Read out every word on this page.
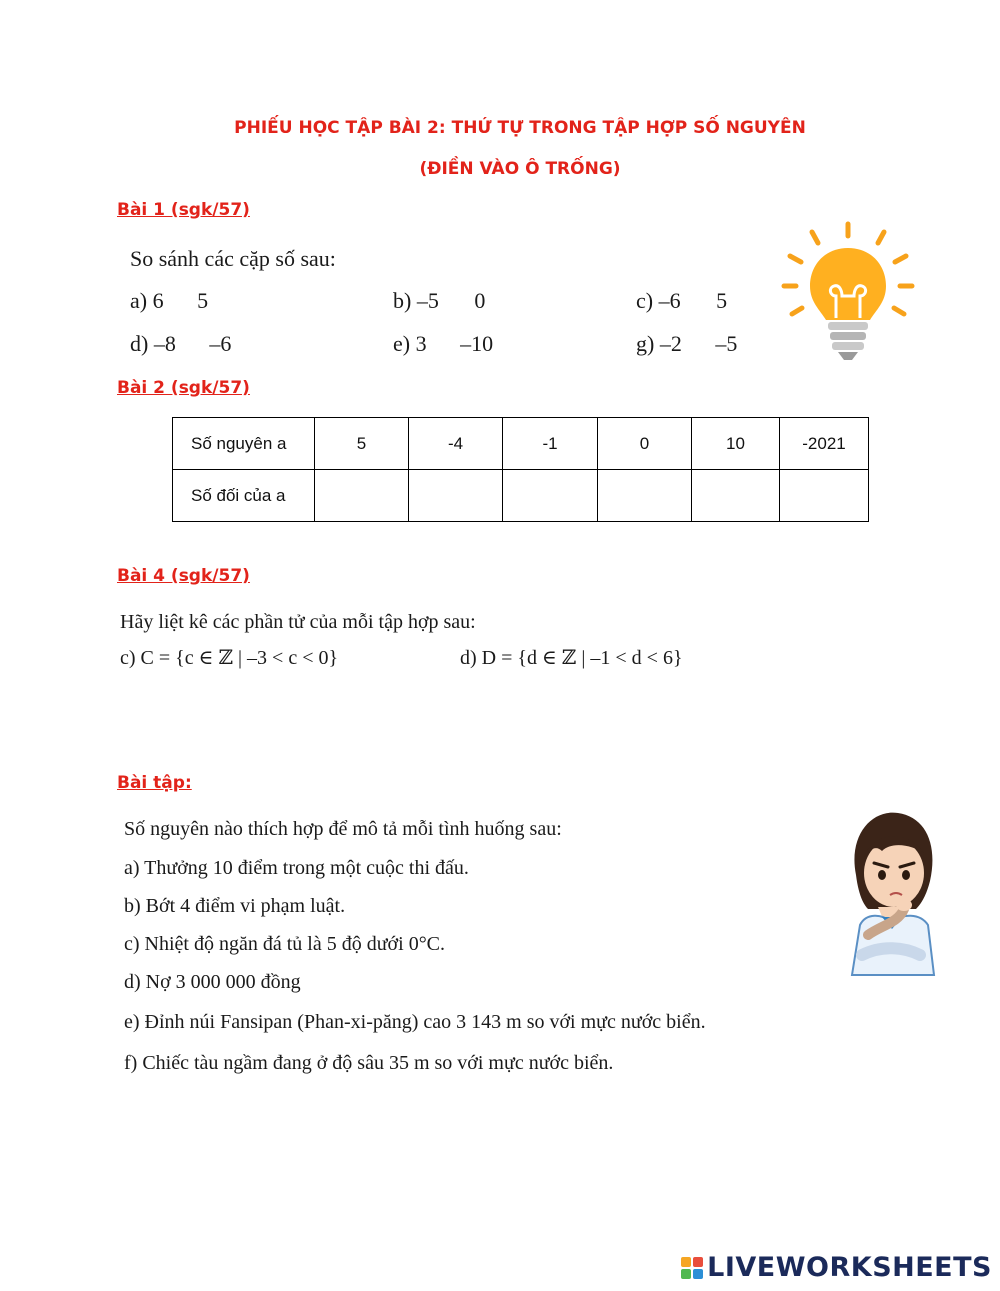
PHIẾU HỌC TẬP BÀI 2: THỨ TỰ TRONG TẬP HỢP SỐ NGUYÊN
(ĐIỀN VÀO Ô TRỐNG)
Bài 1 (sgk/57)
So sánh các cặp số sau:
a) 6 5	b) –5 0	c) –6 5
d) –8 –6	e) 3 –10	g) –2 –5
Bài 2 (sgk/57)
Số nguyên a	5	-4	-1	0	10	-2021
Số đối của a						
Bài 4 (sgk/57)
Hãy liệt kê các phần tử của mỗi tập hợp sau:
c) C = {c ∈ ℤ | –3 < c < 0}	d) D = {d ∈ ℤ | –1 < d < 6}
Bài tập:
Số nguyên nào thích hợp để mô tả mỗi tình huống sau:
a) Thưởng 10 điểm trong một cuộc thi đấu.
b) Bớt 4 điểm vi phạm luật.
c) Nhiệt độ ngăn đá tủ là 5 độ dưới 0°C.
d) Nợ 3 000 000 đồng
e) Đỉnh núi Fansipan (Phan-xi-păng) cao 3 143 m so với mực nước biển.
f) Chiếc tàu ngầm đang ở độ sâu 35 m so với mực nước biển.
LIVEWORKSHEETS
